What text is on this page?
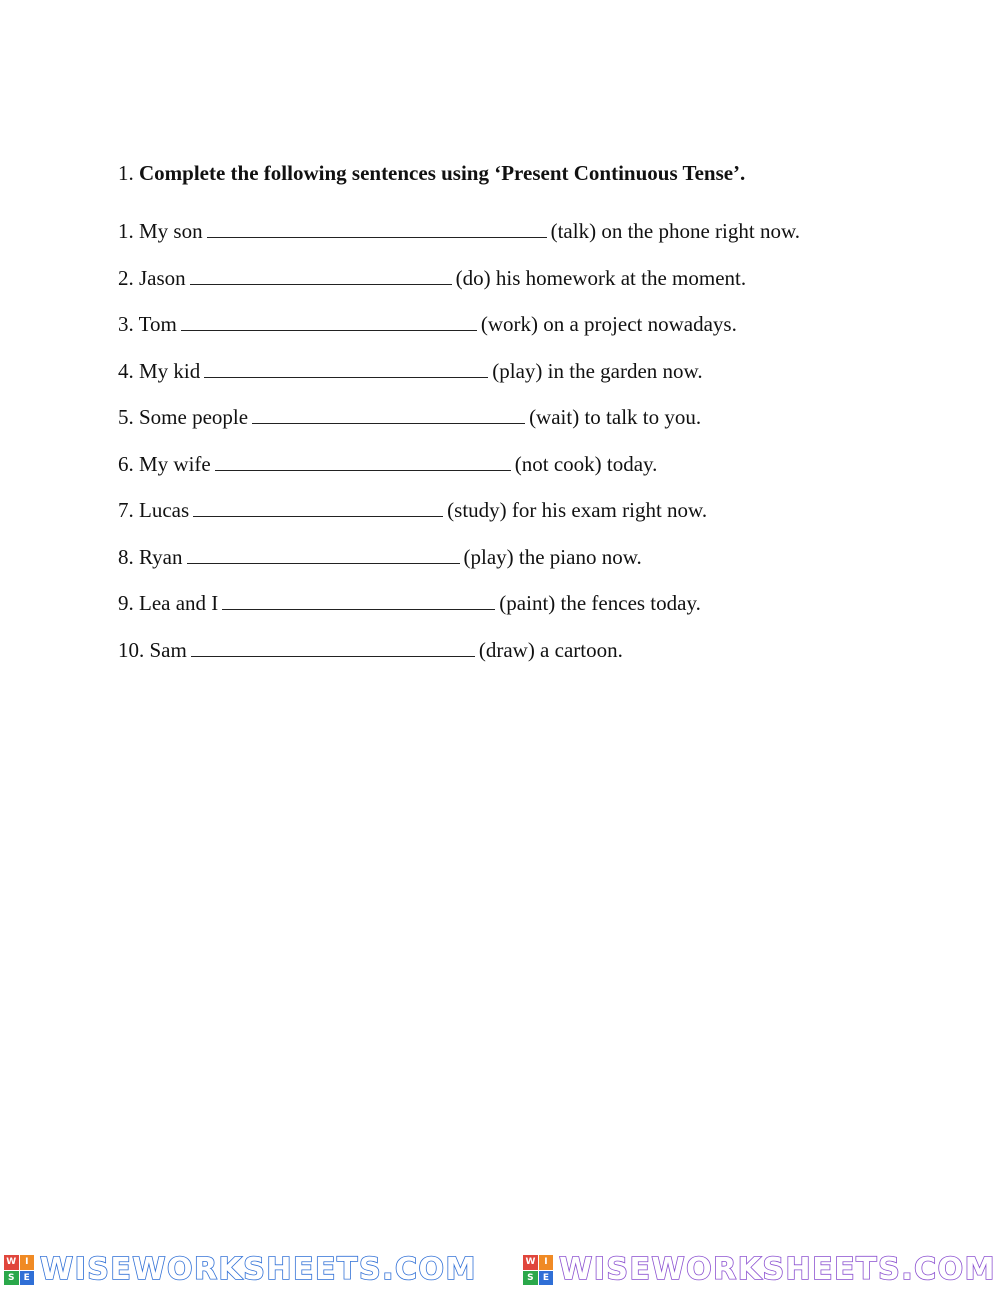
1. Complete the following sentences using ‘Present Continuous Tense’.
1. My son	(talk) on the phone right now.
2. Jason	(do) his homework at the moment.
3. Tom	(work) on a project nowadays.
4. My kid	(play) in the garden now.
5. Some people	(wait) to talk to you.
6. My wife	(not cook) today.
7. Lucas	(study) for his exam right now.
8. Ryan	(play) the piano now.
9. Lea and I	(paint) the fences today.
10. Sam	(draw) a cartoon.
W I
S	E WISEWORKSHEETS.COM	W I
S	E WISEWORKSHEETS.COM
